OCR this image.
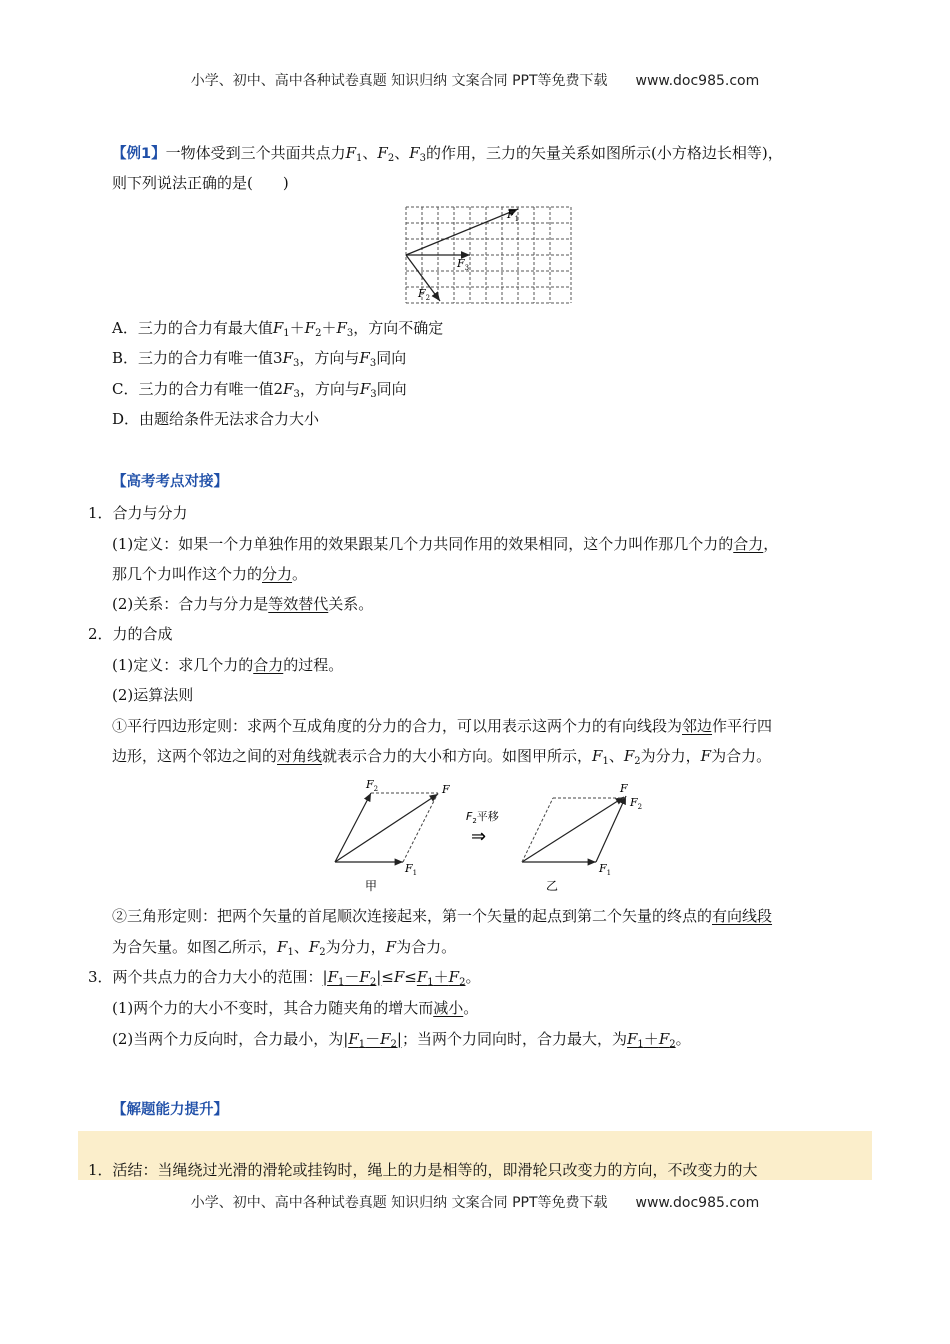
小学、初中、高中各种试卷真题 知识归纳 文案合同 PPT等免费下载 www.doc985.com
【例1】一物体受到三个共面共点力$F_1$、$F_2$、$F_3$的作用，三力的矢量关系如图所示(小方格边长相等)，
则下列说法正确的是(　　)
$F_1$
$F_3$
$F_2$
A．三力的合力有最大值$F_1+F_2+F_3$，方向不确定
B．三力的合力有唯一值$3F_3$，方向与$F_3$同向
C．三力的合力有唯一值$2F_3$，方向与$F_3$同向
D．由题给条件无法求合力大小
【高考考点对接】
1．合力与分力
(1)定义：如果一个力单独作用的效果跟某几个力共同作用的效果相同，这个力叫作那几个力的合力，
那几个力叫作这个力的分力。
(2)关系：合力与分力是等效替代关系。
2．力的合成
(1)定义：求几个力的合力的过程。
(2)运算法则
①平行四边形定则：求两个互成角度的分力的合力，可以用表示这两个力的有向线段为邻边作平行四
边形，这两个邻边之间的对角线就表示合力的大小和方向。如图甲所示，$F_1$、$F_2$为分力，F为合力。
$F_2$	F
$F_1$
甲
$F_2$平移
⇒
F
$F_2$
$F_1$
乙
②三角形定则：把两个矢量的首尾顺次连接起来，第一个矢量的起点到第二个矢量的终点的有向线段
为合矢量。如图乙所示，$F_1$、$F_2$为分力，F为合力。
3．两个共点力的合力大小的范围：$|F_1-F_2|\le F\le F_1+F_2$。
(1)两个力的大小不变时，其合力随夹角的增大而减小。
(2)当两个力反向时，合力最小，为$|F_1-F_2|$；当两个力同向时，合力最大，为$F_1+F_2$。
【解题能力提升】
1．活结：当绳绕过光滑的滑轮或挂钩时，绳上的力是相等的，即滑轮只改变力的方向，不改变力的大
小学、初中、高中各种试卷真题 知识归纳 文案合同 PPT等免费下载 www.doc985.com
